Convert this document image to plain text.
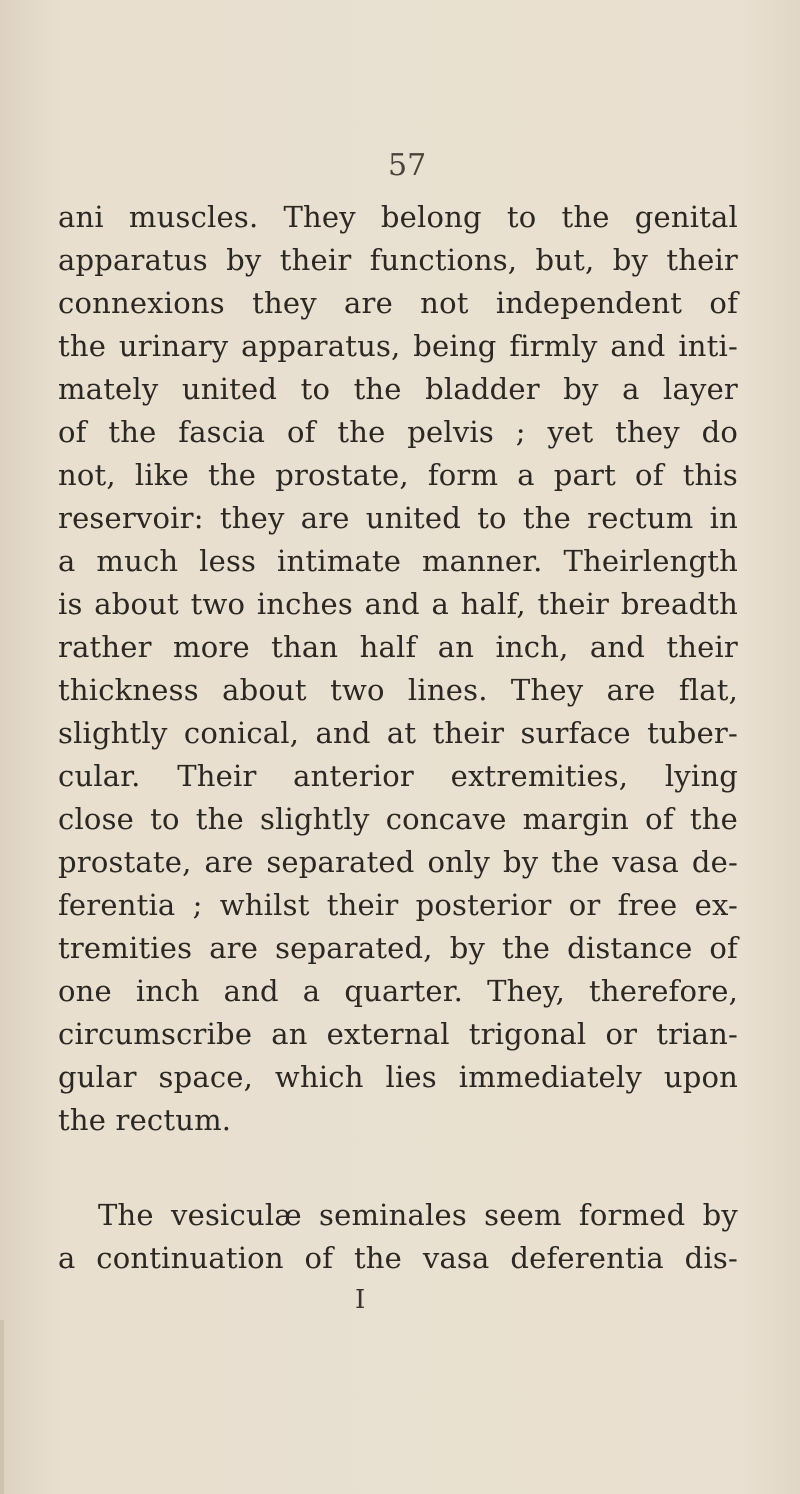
57
ani muscles. They belong to the genital
apparatus by their functions, but, by their
connexions they are not independent of
the urinary apparatus, being firmly and inti-
mately united to the bladder by a layer
of the fascia of the pelvis ; yet they do
not, like the prostate, form a part of this
reservoir: they are united to the rectum in
a much less intimate manner. Theirlength
is about two inches and a half, their breadth
rather more than half an inch, and their
thickness about two lines. They are flat,
slightly conical, and at their surface tuber-
cular. Their anterior extremities, lying
close to the slightly concave margin of the
prostate, are separated only by the vasa de-
ferentia ; whilst their posterior or free ex-
tremities are separated, by the distance of
one inch and a quarter. They, therefore,
circumscribe an external trigonal or trian-
gular space, which lies immediately upon
the rectum.
The vesiculæ seminales seem formed by
a continuation of the vasa deferentia dis-
I
